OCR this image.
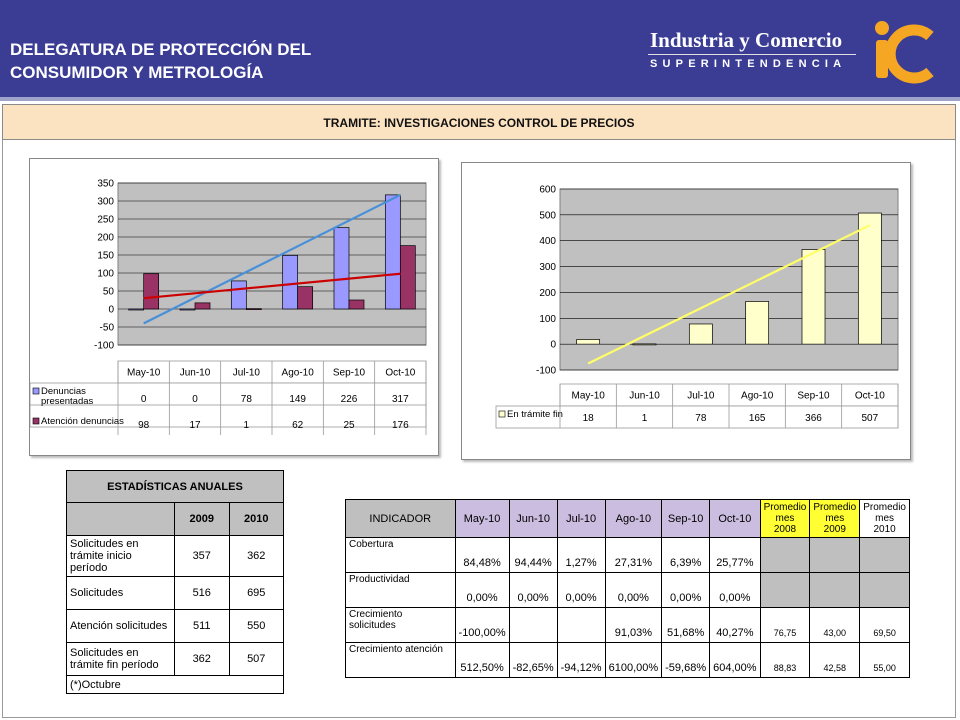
DELEGATURA DE PROTECCIÓN DEL
CONSUMIDOR Y METROLOGÍA
Industria y Comercio
SUPERINTENDENCIA
TRAMITE: INVESTIGACIONES CONTROL DE PRECIOS
350
300
250
200
150
100
50
0
-50
-100
May-10 Jun-10 Jul-10 Ago-10 Sep-10 Oct-10
Denuncias
presentadas	0	0	78	149	226	317
Atención denuncias 98	17	1	62	25	176
600
500
400
300
200
100
0
-100
May-10 Jun-10	Jul-10	Ago-10 Sep-10	Oct-10
En trámite fin 18	1	78	165	366	507
ESTADÍSTICAS ANUALES		
	2009	2010
Solicitudes en trámite inicio período	357	362
Solicitudes	516	695
Atención solicitudes	511	550
Solicitudes en trámite fin período	362	507
(*)Octubre		
INDICADOR	May-10	Jun-10	Jul-10	Ago-10	Sep-10	Oct-10	Promedio mes 2008	Promedio mes 2009	Promedio mes 2010
Cobertura	84,48%	94,44%	1,27%	27,31%	6,39%	25,77%			
Productividad	0,00%	0,00%	0,00%	0,00%	0,00%	0,00%			
Crecimiento solicitudes	-100,00%			91,03%	51,68%	40,27%	76,75	43,00	69,50
Crecimiento atención	512,50%	-82,65%	-94,12%	6100,00%	-59,68%	604,00%	88,83	42,58	55,00
